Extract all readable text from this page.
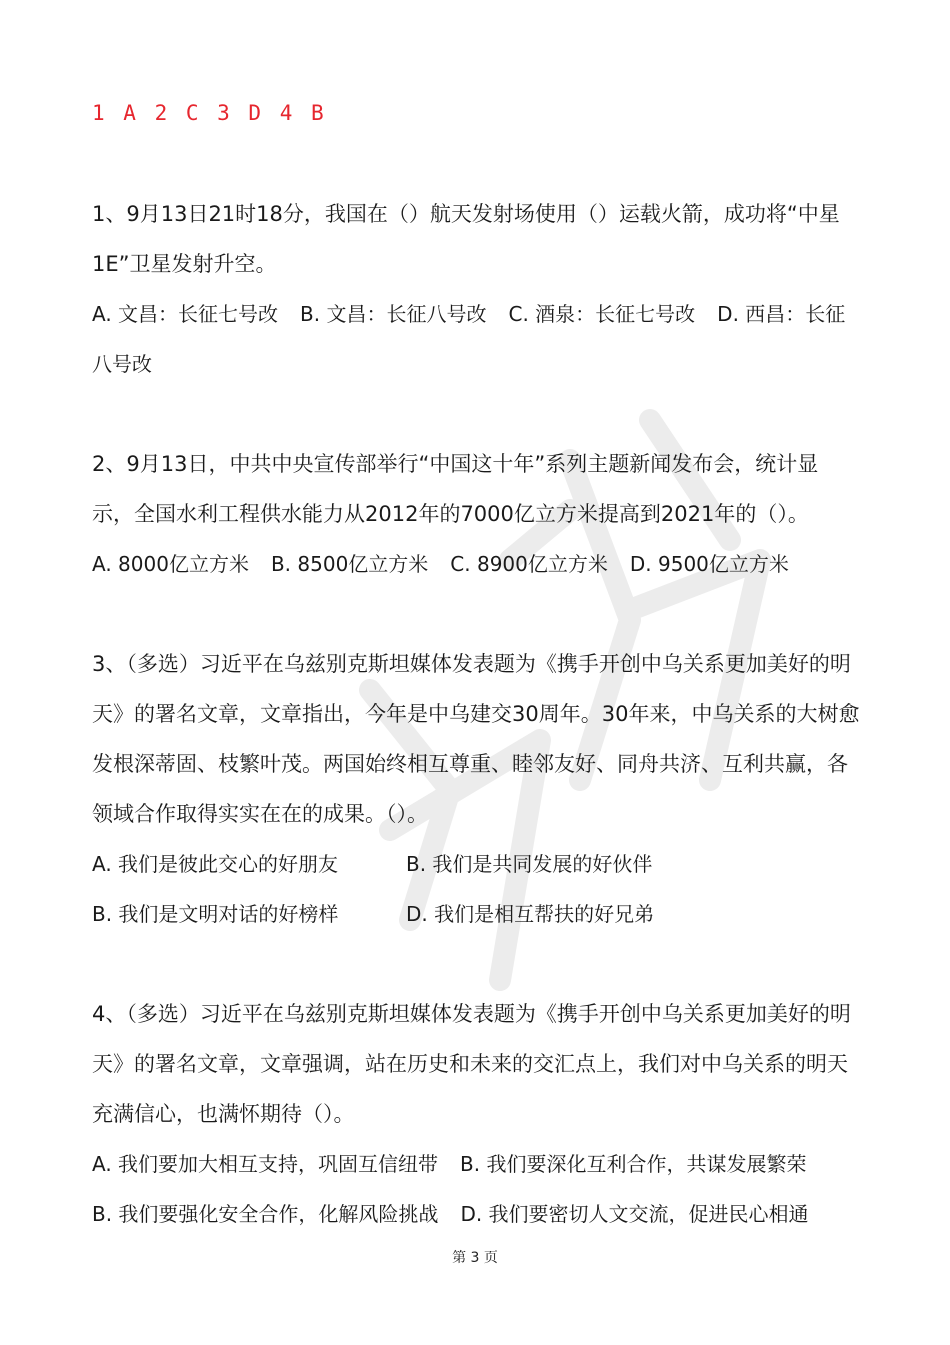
1 A 2 C 3 D 4 B

1、9月13日21时18分，我国在（）航天发射场使用（）运载火箭，成功将“中星1E”卫星发射升空。

A. 文昌：长征七号改 B. 文昌：长征八号改 C. 酒泉：长征七号改 D. 西昌：长征八号改

2、9月13日，中共中央宣传部举行“中国这十年”系列主题新闻发布会，统计显示，全国水利工程供水能力从2012年的7000亿立方米提高到2021年的（）。

A. 8000亿立方米 B. 8500亿立方米 C. 8900亿立方米 D. 9500亿立方米

3、（多选）习近平在乌兹别克斯坦媒体发表题为《携手开创中乌关系更加美好的明天》的署名文章，文章指出，今年是中乌建交30周年。30年来，中乌关系的大树愈发根深蒂固、枝繁叶茂。两国始终相互尊重、睦邻友好、同舟共济、互利共赢，各领域合作取得实实在在的成果。（）。

A. 我们是彼此交心的好朋友	B. 我们是共同发展的好伙伴
B. 我们是文明对话的好榜样	D. 我们是相互帮扶的好兄弟

4、（多选）习近平在乌兹别克斯坦媒体发表题为《携手开创中乌关系更加美好的明天》的署名文章，文章强调，站在历史和未来的交汇点上，我们对中乌关系的明天充满信心，也满怀期待（）。

A. 我们要加大相互支持，巩固互信纽带 B. 我们要深化互利合作，共谋发展繁荣

B. 我们要强化安全合作，化解风险挑战 D. 我们要密切人文交流，促进民心相通

第 3 页
